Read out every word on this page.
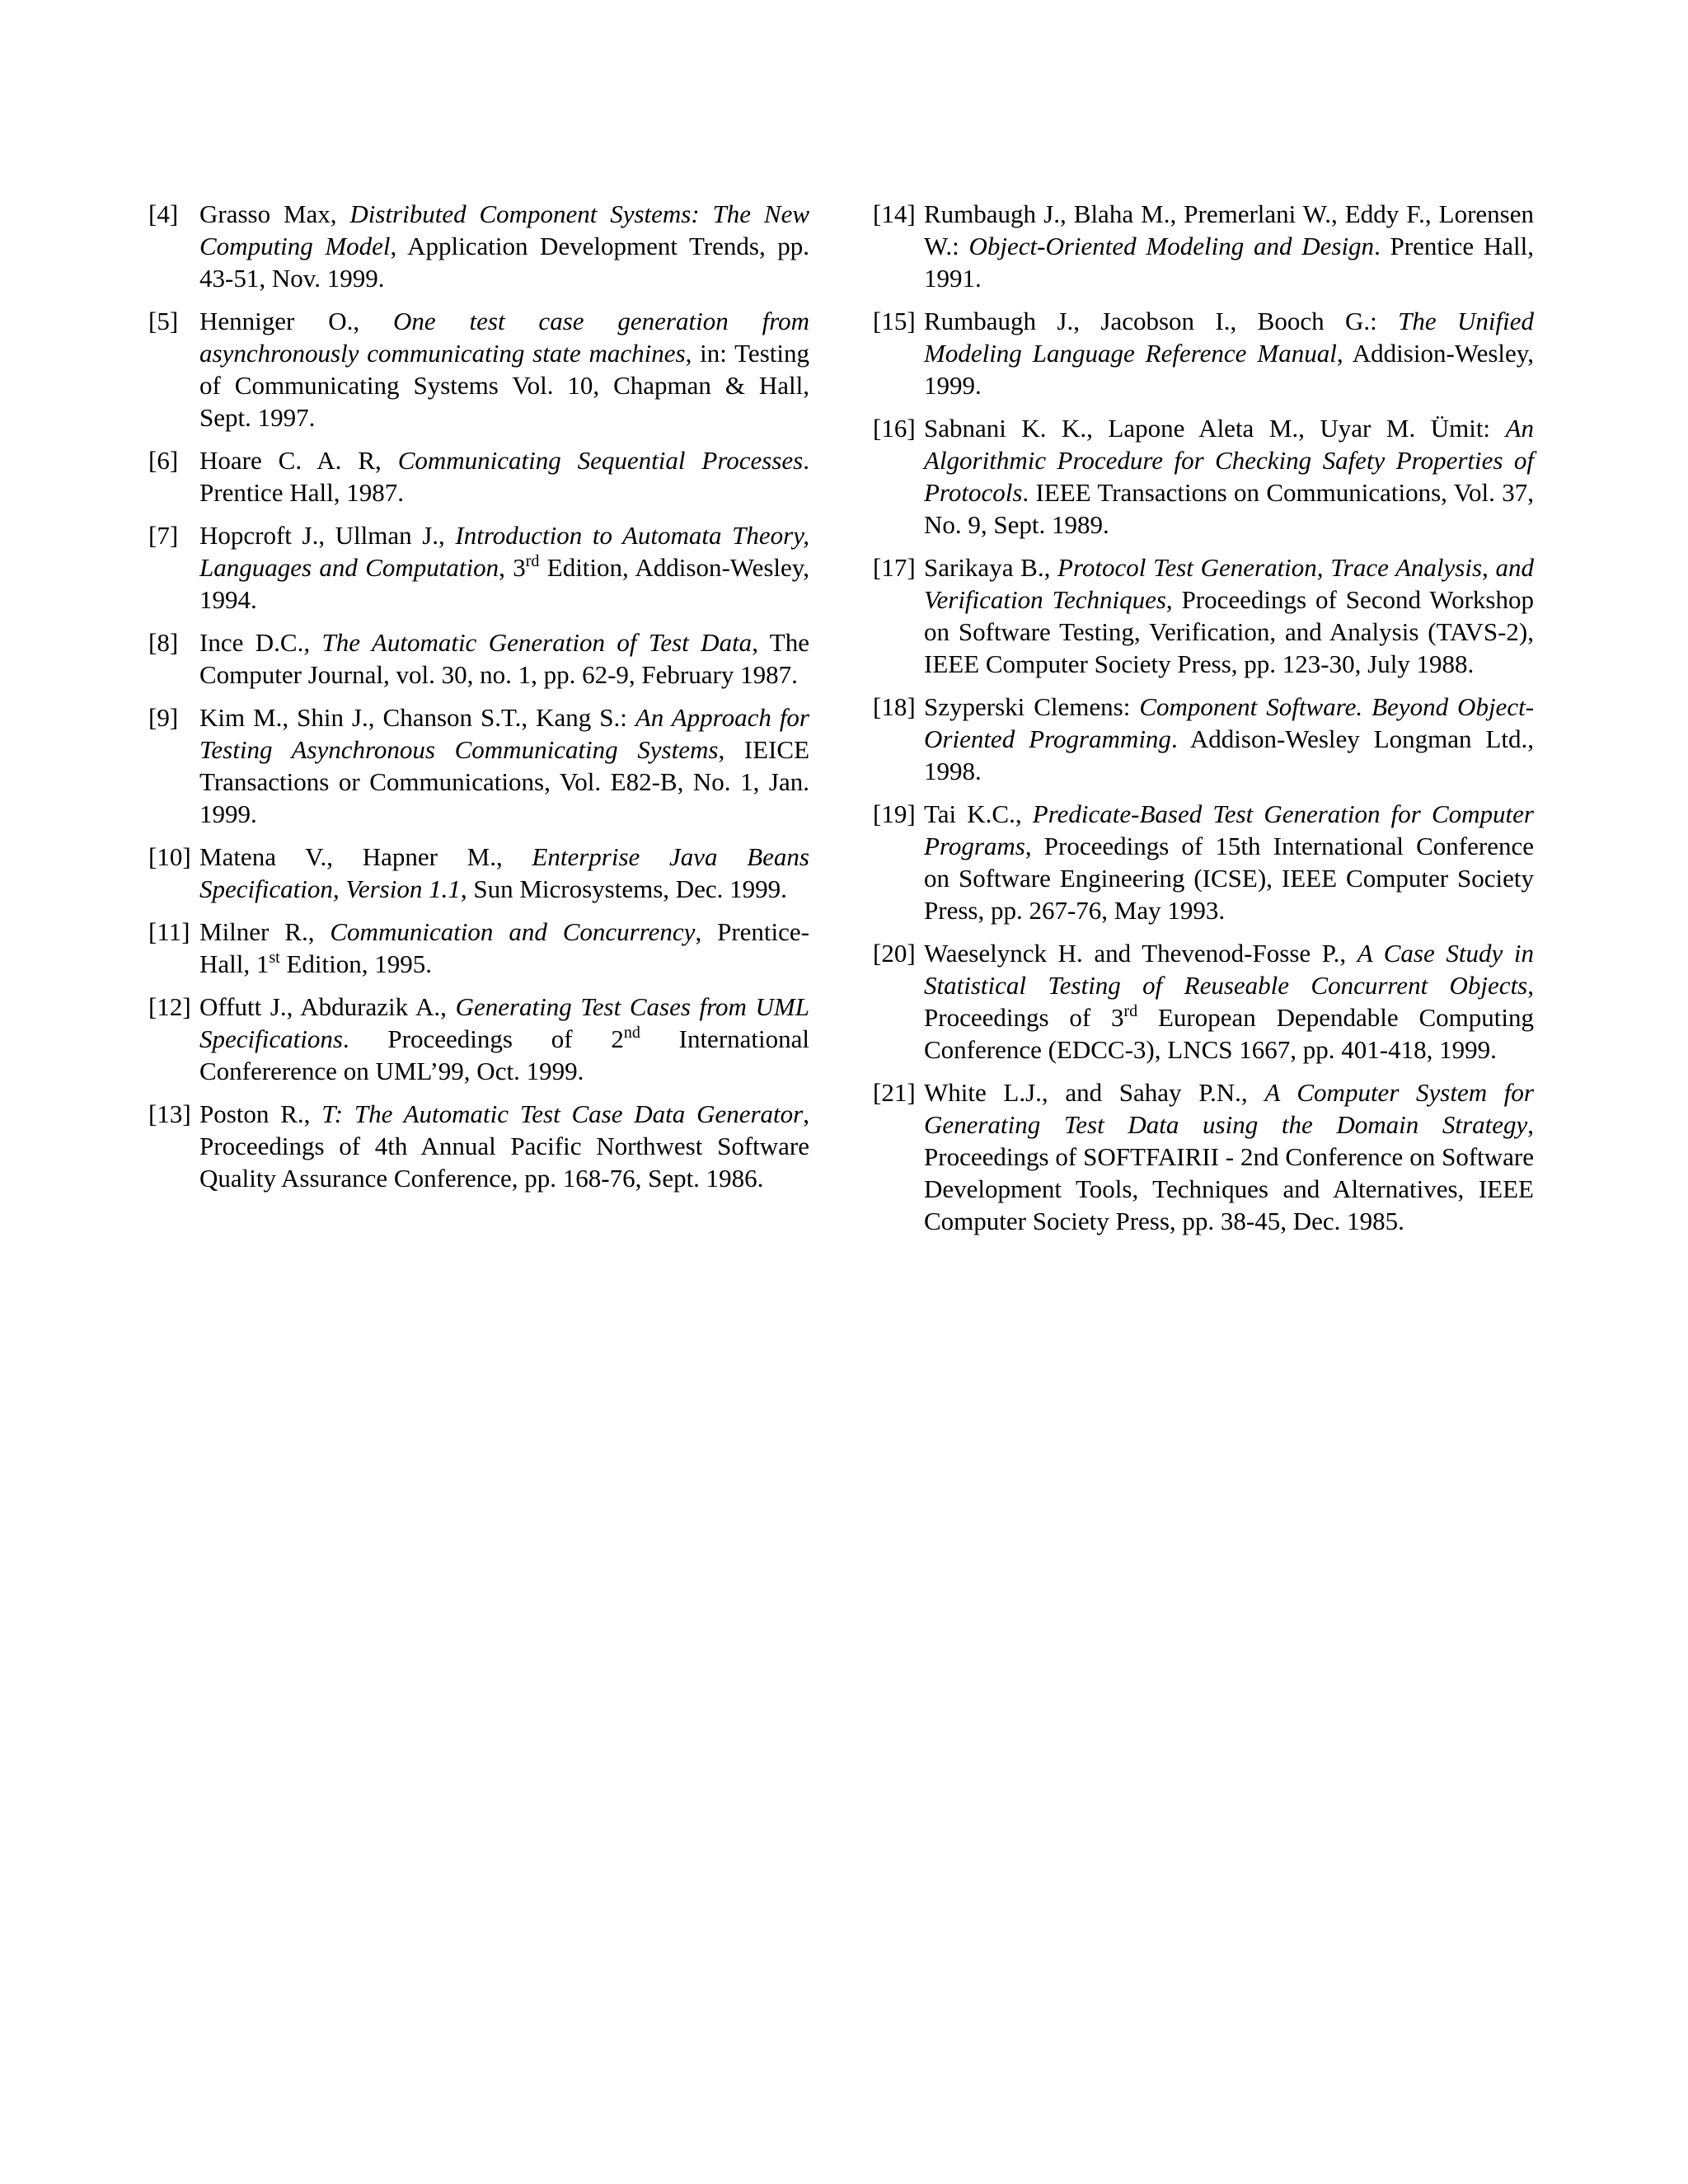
[4] Grasso Max, Distributed Component Systems: The New Computing Model, Application Development Trends, pp. 43-51, Nov. 1999.
[5] Henniger O., One test case generation from asynchronously communicating state machines, in: Testing of Communicating Systems Vol. 10, Chapman & Hall, Sept. 1997.
[6] Hoare C. A. R, Communicating Sequential Processes. Prentice Hall, 1987.
[7] Hopcroft J., Ullman J., Introduction to Automata Theory, Languages and Computation, 3rd Edition, Addison-Wesley, 1994.
[8] Ince D.C., The Automatic Generation of Test Data, The Computer Journal, vol. 30, no. 1, pp. 62-9, February 1987.
[9] Kim M., Shin J., Chanson S.T., Kang S.: An Approach for Testing Asynchronous Communicating Systems, IEICE Transactions or Communications, Vol. E82-B, No. 1, Jan. 1999.
[10] Matena V., Hapner M., Enterprise Java Beans Specification, Version 1.1, Sun Microsystems, Dec. 1999.
[11] Milner R., Communication and Concurrency, Prentice-Hall, 1st Edition, 1995.
[12] Offutt J., Abdurazik A., Generating Test Cases from UML Specifications. Proceedings of 2nd International Confererence on UML’99, Oct. 1999.
[13] Poston R., T: The Automatic Test Case Data Generator, Proceedings of 4th Annual Pacific Northwest Software Quality Assurance Conference, pp. 168-76, Sept. 1986.
[14] Rumbaugh J., Blaha M., Premerlani W., Eddy F., Lorensen W.: Object-Oriented Modeling and Design. Prentice Hall, 1991.
[15] Rumbaugh J., Jacobson I., Booch G.: The Unified Modeling Language Reference Manual, Addision-Wesley, 1999.
[16] Sabnani K. K., Lapone Aleta M., Uyar M. Ümit: An Algorithmic Procedure for Checking Safety Properties of Protocols. IEEE Transactions on Communications, Vol. 37, No. 9, Sept. 1989.
[17] Sarikaya B., Protocol Test Generation, Trace Analysis, and Verification Techniques, Proceedings of Second Workshop on Software Testing, Verification, and Analysis (TAVS-2), IEEE Computer Society Press, pp. 123-30, July 1988.
[18] Szyperski Clemens: Component Software. Beyond Object-Oriented Programming. Addison-Wesley Longman Ltd., 1998.
[19] Tai K.C., Predicate-Based Test Generation for Computer Programs, Proceedings of 15th International Conference on Software Engineering (ICSE), IEEE Computer Society Press, pp. 267-76, May 1993.
[20] Waeselynck H. and Thevenod-Fosse P., A Case Study in Statistical Testing of Reuseable Concurrent Objects, Proceedings of 3rd European Dependable Computing Conference (EDCC-3), LNCS 1667, pp. 401-418, 1999.
[21] White L.J., and Sahay P.N., A Computer System for Generating Test Data using the Domain Strategy, Proceedings of SOFTFAIRII - 2nd Conference on Software Development Tools, Techniques and Alternatives, IEEE Computer Society Press, pp. 38-45, Dec. 1985.
